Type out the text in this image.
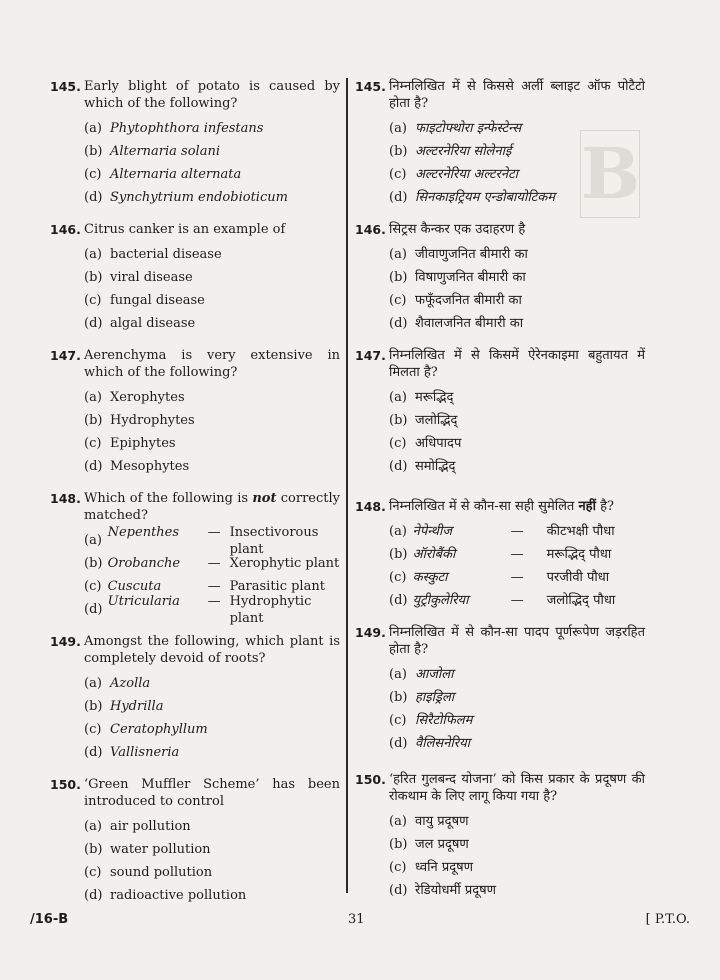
B
145. Early blight of potato is caused by which of the following?
(a) Phytophthora infestans
(b) Alternaria solani
(c) Alternaria alternata
(d) Synchytrium endobioticum
146. Citrus canker is an example of
(a) bacterial disease
(b) viral disease
(c) fungal disease
(d) algal disease
147. Aerenchyma is very extensive in which of the following?
(a) Xerophytes
(b) Hydrophytes
(c) Epiphytes
(d) Mesophytes
148. Which of the following is not correctly matched?
(a)
Nepenthes	— Insectivorous plant
(b) Orobanche	— Xerophytic plant
(c) Cuscuta	— Parasitic plant
(d)
Utricularia	— Hydrophytic plant
149. Amongst the following, which plant is completely devoid of roots?
(a) Azolla
(b) Hydrilla
(c) Ceratophyllum
(d) Vallisneria
150. ‘Green Muffler Scheme’ has been introduced to control
(a) air pollution
(b) water pollution
(c) sound pollution
(d) radioactive pollution
145. निम्नलिखित में से किससे अर्ली ब्लाइट ऑफ पोटैटो होता है?
(a) फाइटोफ्थोरा इन्फेस्टेन्स
(b) अल्टरनेरिया सोलेनाई
(c) अल्टरनेरिया अल्टरनेटा
(d) सिनकाइट्रियम एन्डोबायोटिकम
146. सिट्रस कैन्कर एक उदाहरण है
(a) जीवाणुजनित बीमारी का
(b) विषाणुजनित बीमारी का
(c) फफूँदजनित बीमारी का
(d) शैवालजनित बीमारी का
147. निम्नलिखित में से किसमें ऐरेनकाइमा बहुतायत में मिलता है?
(a) मरूद्भिद्
(b) जलोद्भिद्
(c) अधिपादप
(d) समोद्भिद्
148. निम्नलिखित में से कौन-सा सही सुमेलित नहीं है?
(a) नेपेन्थीज	—	कीटभक्षी पौधा
(b) ऑरोबैंकी	—	मरूद्भिद् पौधा
(c) कस्कुटा	—	परजीवी पौधा
(d) युट्रीकुलेरिया	—	जलोद्भिद् पौधा
149. निम्नलिखित में से कौन-सा पादप पूर्णरूपेण जड़रहित होता है?
(a) आजोला
(b) हाइड्रिला
(c) सिरैटोफिलम
(d) वैलिसनेरिया
150. ‘हरित गुलबन्द योजना’ को किस प्रकार के प्रदूषण की रोकथाम के लिए लागू किया गया है?
(a) वायु प्रदूषण
(b) जल प्रदूषण
(c) ध्वनि प्रदूषण
(d) रेडियोधर्मी प्रदूषण
/16-B	31	[ P.T.O.
